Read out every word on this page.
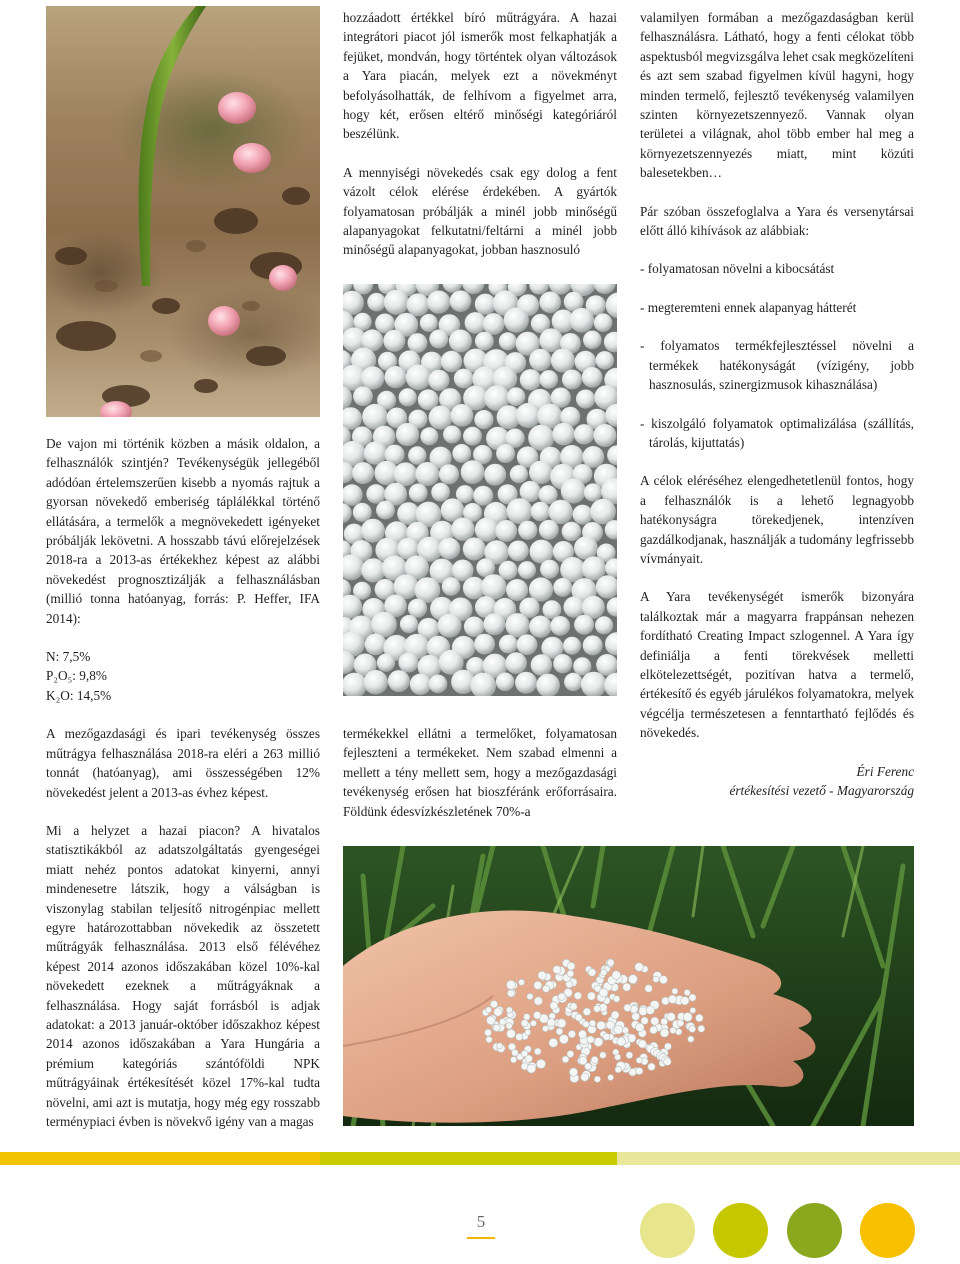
De vajon mi történik közben a másik oldalon, a felhasználók szintjén? Tevékenységük jellegéből adódóan értelemszerűen kisebb a nyomás rajtuk a gyorsan növekedő emberiség táplálékkal történő ellátására, a termelők a megnövekedett igényeket próbálják lekövetni. A hosszabb távú előrejelzések 2018-ra a 2013-as értékekhez képest az alábbi növekedést prognosztizálják a felhasználásban (millió tonna hatóanyag, forrás: P. Heffer, IFA 2014):

N: 7,5%

P₂O₅: 9,8%

K₂O: 14,5%

A mezőgazdasági és ipari tevékenység összes műtrágya felhasználása 2018-ra eléri a 263 millió tonnát (hatóanyag), ami összességében 12% növekedést jelent a 2013-as évhez képest.

Mi a helyzet a hazai piacon? A hivatalos statisztikákból az adatszolgáltatás gyengeségei miatt nehéz pontos adatokat kinyerni, annyi mindenesetre látszik, hogy a válságban is viszonylag stabilan teljesítő nitrogénpiac mellett egyre határozottabban növekedik az összetett műtrágyák felhasználása. 2013 első félévéhez képest 2014 azonos időszakában közel 10%-kal növekedett ezeknek a műtrágyáknak a felhasználása. Hogy saját forrásból is adjak adatokat: a 2013 január-október időszakhoz képest 2014 azonos időszakában a Yara Hungária a prémium kategóriás szántóföldi NPK műtrágyáinak értékesítését közel 17%-kal tudta növelni, ami azt is mutatja, hogy még egy rosszabb terménypiaci évben is növekvő igény van a magas

hozzáadott értékkel bíró műtrágyára. A hazai integrátori piacot jól ismerők most felkaphatják a fejüket, mondván, hogy történtek olyan változások a Yara piacán, melyek ezt a növekményt befolyásolhatták, de felhívom a figyelmet arra, hogy két, erősen eltérő minőségi kategóriáról beszélünk.

A mennyiségi növekedés csak egy dolog a fent vázolt célok elérése érdekében. A gyártók folyamatosan próbálják a minél jobb minőségű alapanyagokat felkutatni/feltárni a minél jobb minőségű alapanyagokat, jobban hasznosuló

termékekkel ellátni a termelőket, folyamatosan fejleszteni a termékeket. Nem szabad elmenni a mellett a tény mellett sem, hogy a mezőgazdasági tevékenység erősen hat bioszféránk erőforrásaira. Földünk édesvízkészletének 70%-a

valamilyen formában a mezőgazdaságban kerül felhasználásra. Látható, hogy a fenti célokat több aspektusból megvizsgálva lehet csak megközelíteni és azt sem szabad figyelmen kívül hagyni, hogy minden termelő, fejlesztő tevékenység valamilyen szinten környezetszennyező. Vannak olyan területei a világnak, ahol több ember hal meg a környezetszennyezés miatt, mint közúti balesetekben…

Pár szóban összefoglalva a Yara és versenytársai előtt álló kihívások az alábbiak:

- folyamatosan növelni a kibocsátást
- megteremteni ennek alapanyag hátterét
- folyamatos termékfejlesztéssel növelni a termékek hatékonyságát (vízigény, jobb hasznosulás, szinergizmusok kihasználása)
- kiszolgáló folyamatok optimalizálása (szállítás, tárolás, kijuttatás)

A célok eléréséhez elengedhetetlenül fontos, hogy a felhasználók is a lehető legnagyobb hatékonyságra törekedjenek, intenzíven gazdálkodjanak, használják a tudomány legfrissebb vívmányait.

A Yara tevékenységét ismerők bizonyára találkoztak már a magyarra frappánsan nehezen fordítható Creating Impact szlogennel. A Yara így definiálja a fenti törekvések melletti elkötelezettségét, pozitívan hatva a termelő, értékesítő és egyéb járulékos folyamatokra, melyek végcélja természetesen a fenntartható fejlődés és növekedés.

Éri Ferenc
értékesítési vezető - Magyarország
5
